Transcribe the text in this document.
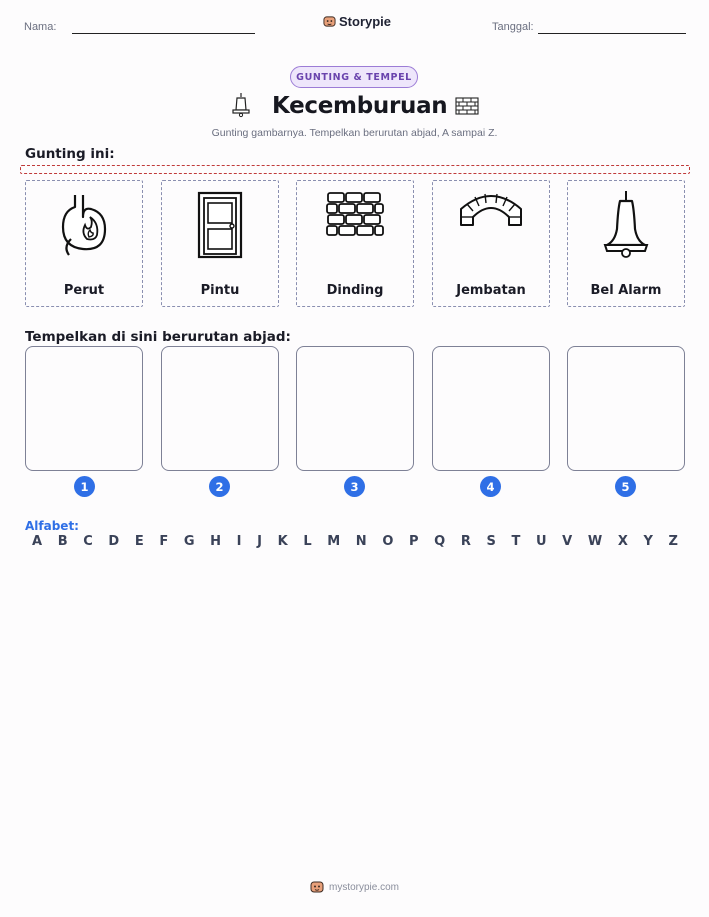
Nama:	Storypie	Tanggal:
GUNTING & TEMPEL
Kecemburuan
Gunting gambarnya. Tempelkan berurutan abjad, A sampai Z.
Gunting ini:
Perut	Pintu	Dinding	Jembatan	Bel Alarm
Tempelkan di sini berurutan abjad:
1	2	3	4	5
Alfabet:
A B C D E F G H I J K L M N O P Q R S T U V W X Y Z
mystorypie.com
